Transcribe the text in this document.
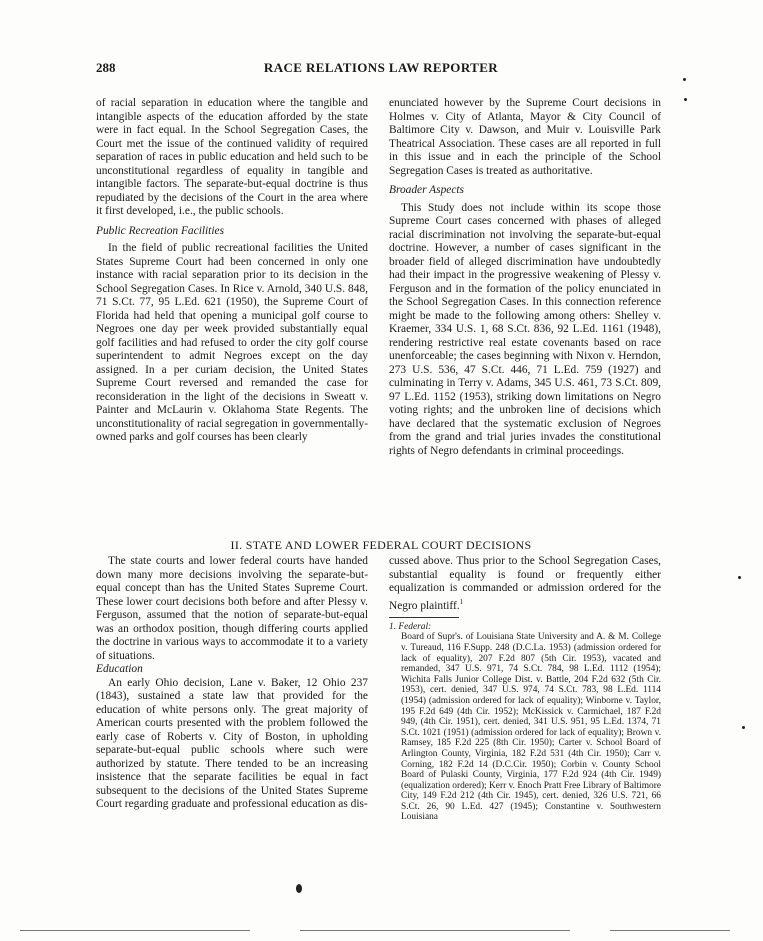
288	RACE RELATIONS LAW REPORTER

of racial separation in education where the tangible and intangible aspects of the education afforded by the state were in fact equal. In the School Segregation Cases, the Court met the issue of the continued validity of required separation of races in public education and held such to be unconstitutional regardless of equality in tangible and intangible factors. The separate-but-equal doctrine is thus repudiated by the decisions of the Court in the area where it first developed, i.e., the public schools.

Public Recreation Facilities

In the field of public recreational facilities the United States Supreme Court had been concerned in only one instance with racial separation prior to its decision in the School Segregation Cases. In Rice v. Arnold, 340 U.S. 848, 71 S.Ct. 77, 95 L.Ed. 621 (1950), the Supreme Court of Florida had held that opening a municipal golf course to Negroes one day per week provided substantially equal golf facilities and had refused to order the city golf course superintendent to admit Negroes except on the day assigned. In a per curiam decision, the United States Supreme Court reversed and remanded the case for reconsideration in the light of the decisions in Sweatt v. Painter and McLaurin v. Oklahoma State Regents. The unconstitutionality of racial segregation in governmentally-owned parks and golf courses has been clearly

enunciated however by the Supreme Court decisions in Holmes v. City of Atlanta, Mayor & City Council of Baltimore City v. Dawson, and Muir v. Louisville Park Theatrical Association. These cases are all reported in full in this issue and in each the principle of the School Segregation Cases is treated as authoritative.

Broader Aspects

This Study does not include within its scope those Supreme Court cases concerned with phases of alleged racial discrimination not involving the separate-but-equal doctrine. However, a number of cases significant in the broader field of alleged discrimination have undoubtedly had their impact in the progressive weakening of Plessy v. Ferguson and in the formation of the policy enunciated in the School Segregation Cases. In this connection reference might be made to the following among others: Shelley v. Kraemer, 334 U.S. 1, 68 S.Ct. 836, 92 L.Ed. 1161 (1948), rendering restrictive real estate covenants based on race unenforceable; the cases beginning with Nixon v. Herndon, 273 U.S. 536, 47 S.Ct. 446, 71 L.Ed. 759 (1927) and culminating in Terry v. Adams, 345 U.S. 461, 73 S.Ct. 809, 97 L.Ed. 1152 (1953), striking down limitations on Negro voting rights; and the unbroken line of decisions which have declared that the systematic exclusion of Negroes from the grand and trial juries invades the constitutional rights of Negro defendants in criminal proceedings.

II. STATE AND LOWER FEDERAL COURT DECISIONS

The state courts and lower federal courts have handed down many more decisions involving the separate-but-equal concept than has the United States Supreme Court. These lower court decisions both before and after Plessy v. Ferguson, assumed that the notion of separate-but-equal was an orthodox position, though differing courts applied the doctrine in various ways to accommodate it to a variety of situations.

Education

An early Ohio decision, Lane v. Baker, 12 Ohio 237 (1843), sustained a state law that provided for the education of white persons only. The great majority of American courts presented with the problem followed the early case of Roberts v. City of Boston, in upholding separate-but-equal public schools where such were authorized by statute. There tended to be an increasing insistence that the separate facilities be equal in fact subsequent to the decisions of the United States Supreme Court regarding graduate and professional education as dis-

cussed above. Thus prior to the School Segregation Cases, substantial equality is found or frequently either equalization is commanded or admission ordered for the Negro plaintiff.$^1$

1. Federal:
Board of Supr's. of Louisiana State University and A. & M. College v. Tureaud, 116 F.Supp. 248 (D.C.La. 1953) (admission ordered for lack of equality), 207 F.2d 807 (5th Cir. 1953), vacated and remanded, 347 U.S. 971, 74 S.Ct. 784, 98 L.Ed. 1112 (1954); Wichita Falls Junior College Dist. v. Battle, 204 F.2d 632 (5th Cir. 1953), cert. denied, 347 U.S. 974, 74 S.Ct. 783, 98 L.Ed. 1114 (1954) (admission ordered for lack of equality); Winborne v. Taylor, 195 F.2d 649 (4th Cir. 1952); McKissick v. Carmichael, 187 F.2d 949, (4th Cir. 1951), cert. denied, 341 U.S. 951, 95 L.Ed. 1374, 71 S.Ct. 1021 (1951) (admission ordered for lack of equality); Brown v. Ramsey, 185 F.2d 225 (8th Cir. 1950); Carter v. School Board of Arlington County, Virginia, 182 F.2d 531 (4th Cir. 1950); Carr v. Corning, 182 F.2d 14 (D.C.Cir. 1950); Corbin v. County School Board of Pulaski County, Virginia, 177 F.2d 924 (4th Cir. 1949) (equalization ordered); Kerr v. Enoch Pratt Free Library of Baltimore City, 149 F.2d 212 (4th Cir. 1945), cert. denied, 326 U.S. 721, 66 S.Ct. 26, 90 L.Ed. 427 (1945); Constantine v. Southwestern Louisiana
